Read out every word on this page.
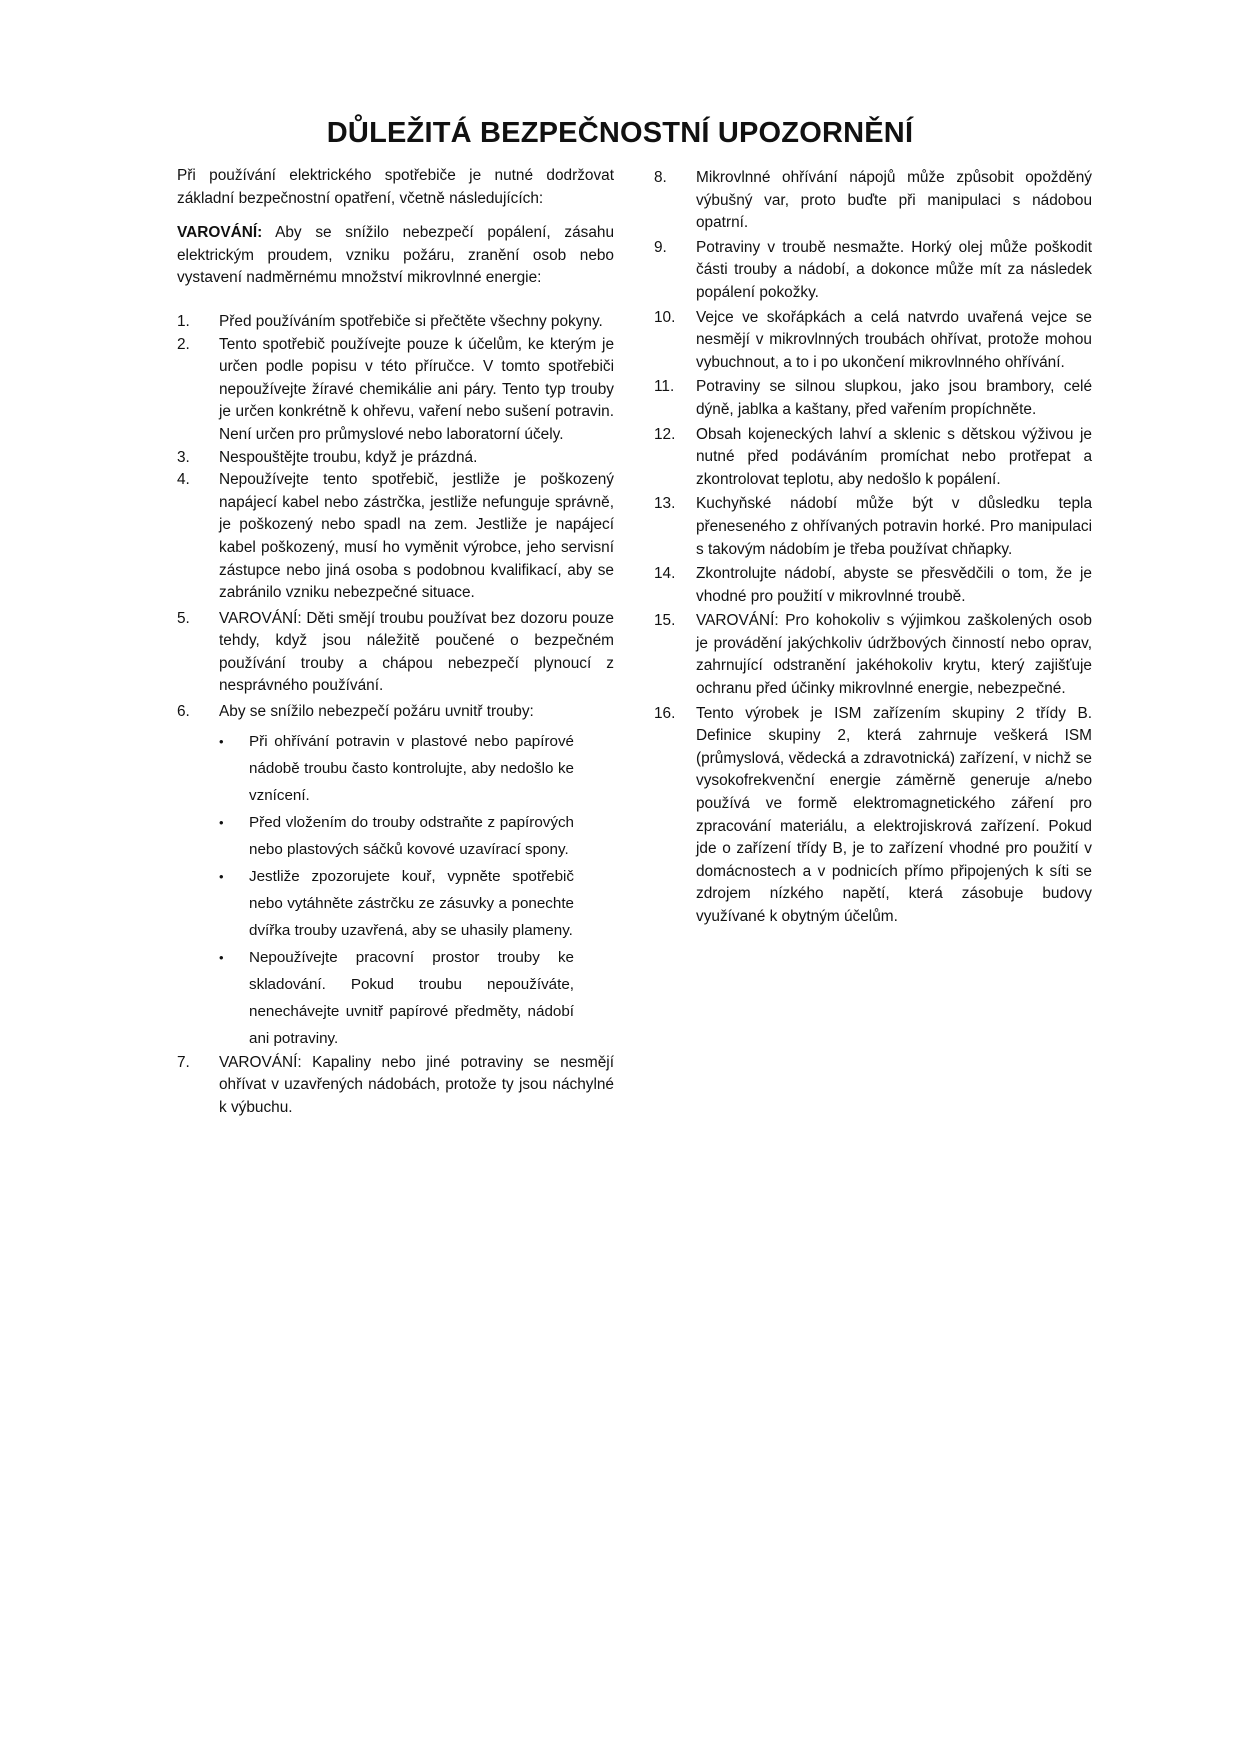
DŮLEŽITÁ BEZPEČNOSTNÍ UPOZORNĚNÍ

Při používání elektrického spotřebiče je nutné dodržovat základní bezpečnostní opatření, včetně následujících:

VAROVÁNÍ: Aby se snížilo nebezpečí popálení, zásahu elektrickým proudem, vzniku požáru, zranění osob nebo vystavení nadměrnému množství mikrovlnné energie:

1.	Před používáním spotřebiče si přečtěte všechny pokyny.
2.	Tento spotřebič používejte pouze k účelům, ke kterým je určen podle popisu v této příručce. V tomto spotřebiči nepoužívejte žíravé chemikálie ani páry. Tento typ trouby je určen konkrétně k ohřevu, vaření nebo sušení potravin. Není určen pro průmyslové nebo laboratorní účely.
3.	Nespouštějte troubu, když je prázdná.
4.	Nepoužívejte tento spotřebič, jestliže je poškozený napájecí kabel nebo zástrčka, jestliže nefunguje správně, je poškozený nebo spadl na zem. Jestliže je napájecí kabel poškozený, musí ho vyměnit výrobce, jeho servisní zástupce nebo jiná osoba s podobnou kvalifikací, aby se zabránilo vzniku nebezpečné situace.
5.	VAROVÁNÍ: Děti smějí troubu používat bez dozoru pouze tehdy, když jsou náležitě poučené o bezpečném používání trouby a chápou nebezpečí plynoucí z nesprávného používání.
6.	Aby se snížilo nebezpečí požáru uvnitř trouby:
•	Při ohřívání potravin v plastové nebo papírové nádobě troubu často kontrolujte, aby nedošlo ke vznícení.
•	Před vložením do trouby odstraňte z papírových nebo plastových sáčků kovové uzavírací spony.
•	Jestliže zpozorujete kouř, vypněte spotřebič nebo vytáhněte zástrčku ze zásuvky a ponechte dvířka trouby uzavřená, aby se uhasily plameny.
•	Nepoužívejte pracovní prostor trouby ke skladování. Pokud troubu nepoužíváte, nenechávejte uvnitř papírové předměty, nádobí ani potraviny.
7.	VAROVÁNÍ: Kapaliny nebo jiné potraviny se nesmějí ohřívat v uzavřených nádobách, protože ty jsou náchylné k výbuchu.
8.	Mikrovlnné ohřívání nápojů může způsobit opožděný výbušný var, proto buďte při manipulaci s nádobou opatrní.
9.	Potraviny v troubě nesmažte. Horký olej může poškodit části trouby a nádobí, a dokonce může mít za následek popálení pokožky.
10.	Vejce ve skořápkách a celá natvrdo uvařená vejce se nesmějí v mikrovlnných troubách ohřívat, protože mohou vybuchnout, a to i po ukončení mikrovlnného ohřívání.
11.	Potraviny se silnou slupkou, jako jsou brambory, celé dýně, jablka a kaštany, před vařením propíchněte.
12.	Obsah kojeneckých lahví a sklenic s dětskou výživou je nutné před podáváním promíchat nebo protřepat a zkontrolovat teplotu, aby nedošlo k popálení.
13.	Kuchyňské nádobí může být v důsledku tepla přeneseného z ohřívaných potravin horké. Pro manipulaci s takovým nádobím je třeba používat chňapky.
14.	Zkontrolujte nádobí, abyste se přesvědčili o tom, že je vhodné pro použití v mikrovlnné troubě.
15.	VAROVÁNÍ: Pro kohokoliv s výjimkou zaškolených osob je provádění jakýchkoliv údržbových činností nebo oprav, zahrnující odstranění jakéhokoliv krytu, který zajišťuje ochranu před účinky mikrovlnné energie, nebezpečné.
16.	Tento výrobek je ISM zařízením skupiny 2 třídy B. Definice skupiny 2, která zahrnuje veškerá ISM (průmyslová, vědecká a zdravotnická) zařízení, v nichž se vysokofrekvenční energie záměrně generuje a/nebo používá ve formě elektromagnetického záření pro zpracování materiálu, a elektrojiskrová zařízení. Pokud jde o zařízení třídy B, je to zařízení vhodné pro použití v domácnostech a v podnicích přímo připojených k síti se zdrojem nízkého napětí, která zásobuje budovy využívané k obytným účelům.
